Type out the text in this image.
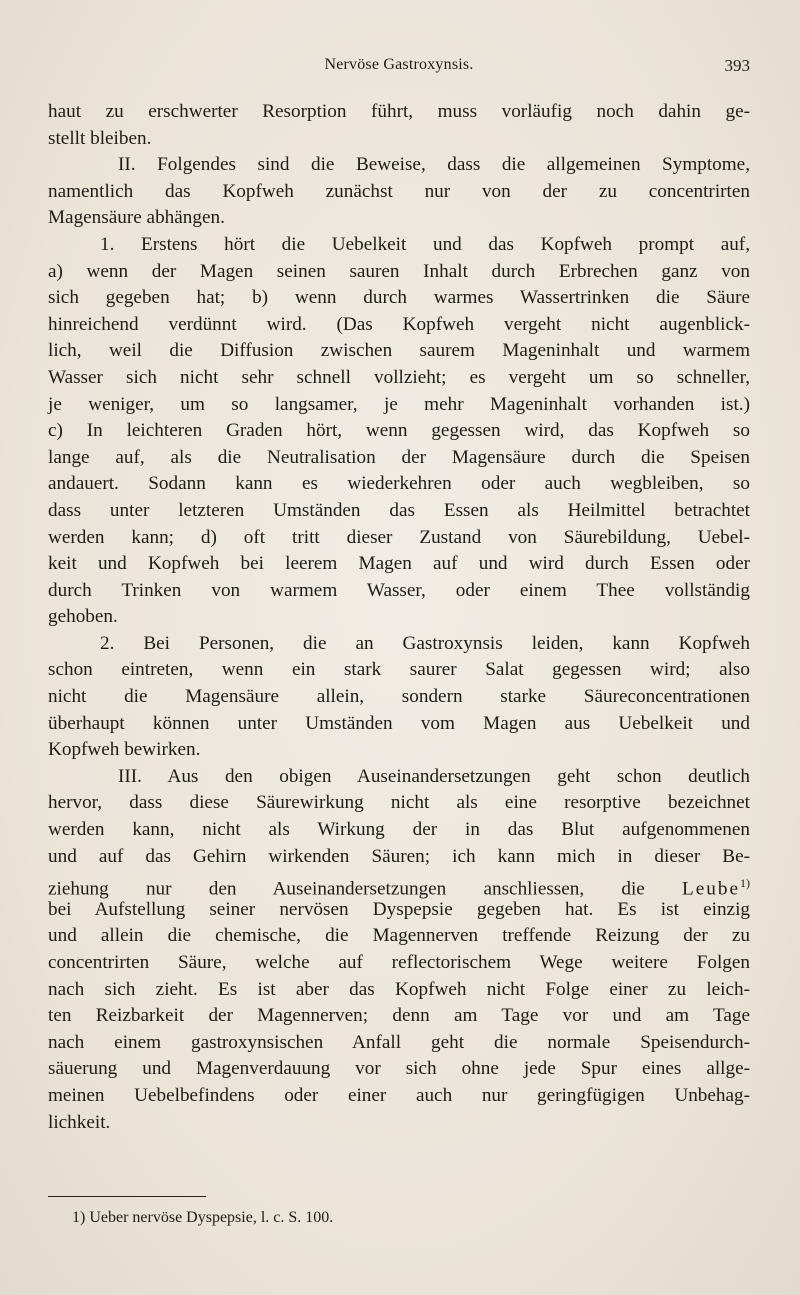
Nervöse Gastroxynsis.	393
haut zu erschwerter Resorption führt, muss vorläufig noch dahin ge-
stellt bleiben.
II. Folgendes sind die Beweise, dass die allgemeinen Symptome,
namentlich das Kopfweh zunächst nur von der zu concentrirten
Magensäure abhängen.
1. Erstens hört die Uebelkeit und das Kopfweh prompt auf,
a) wenn der Magen seinen sauren Inhalt durch Erbrechen ganz von
sich gegeben hat; b) wenn durch warmes Wassertrinken die Säure
hinreichend verdünnt wird. (Das Kopfweh vergeht nicht augenblick-
lich, weil die Diffusion zwischen saurem Mageninhalt und warmem
Wasser sich nicht sehr schnell vollzieht; es vergeht um so schneller,
je weniger, um so langsamer, je mehr Mageninhalt vorhanden ist.)
c) In leichteren Graden hört, wenn gegessen wird, das Kopfweh so
lange auf, als die Neutralisation der Magensäure durch die Speisen
andauert. Sodann kann es wiederkehren oder auch wegbleiben, so
dass unter letzteren Umständen das Essen als Heilmittel betrachtet
werden kann; d) oft tritt dieser Zustand von Säurebildung, Uebel-
keit und Kopfweh bei leerem Magen auf und wird durch Essen oder
durch Trinken von warmem Wasser, oder einem Thee vollständig
gehoben.
2. Bei Personen, die an Gastroxynsis leiden, kann Kopfweh
schon eintreten, wenn ein stark saurer Salat gegessen wird; also
nicht die Magensäure allein, sondern starke Säureconcentrationen
überhaupt können unter Umständen vom Magen aus Uebelkeit und
Kopfweh bewirken.
III. Aus den obigen Auseinandersetzungen geht schon deutlich
hervor, dass diese Säurewirkung nicht als eine resorptive bezeichnet
werden kann, nicht als Wirkung der in das Blut aufgenommenen
und auf das Gehirn wirkenden Säuren; ich kann mich in dieser Be-
ziehung nur den Auseinandersetzungen anschliessen, die Leube$^{1)}$
bei Aufstellung seiner nervösen Dyspepsie gegeben hat. Es ist einzig
und allein die chemische, die Magennerven treffende Reizung der zu
concentrirten Säure, welche auf reflectorischem Wege weitere Folgen
nach sich zieht. Es ist aber das Kopfweh nicht Folge einer zu leich-
ten Reizbarkeit der Magennerven; denn am Tage vor und am Tage
nach einem gastroxynsischen Anfall geht die normale Speisendurch-
säuerung und Magenverdauung vor sich ohne jede Spur eines allge-
meinen Uebelbefindens oder einer auch nur geringfügigen Unbehag-
lichkeit.
1) Ueber nervöse Dyspepsie, l. c. S. 100.
